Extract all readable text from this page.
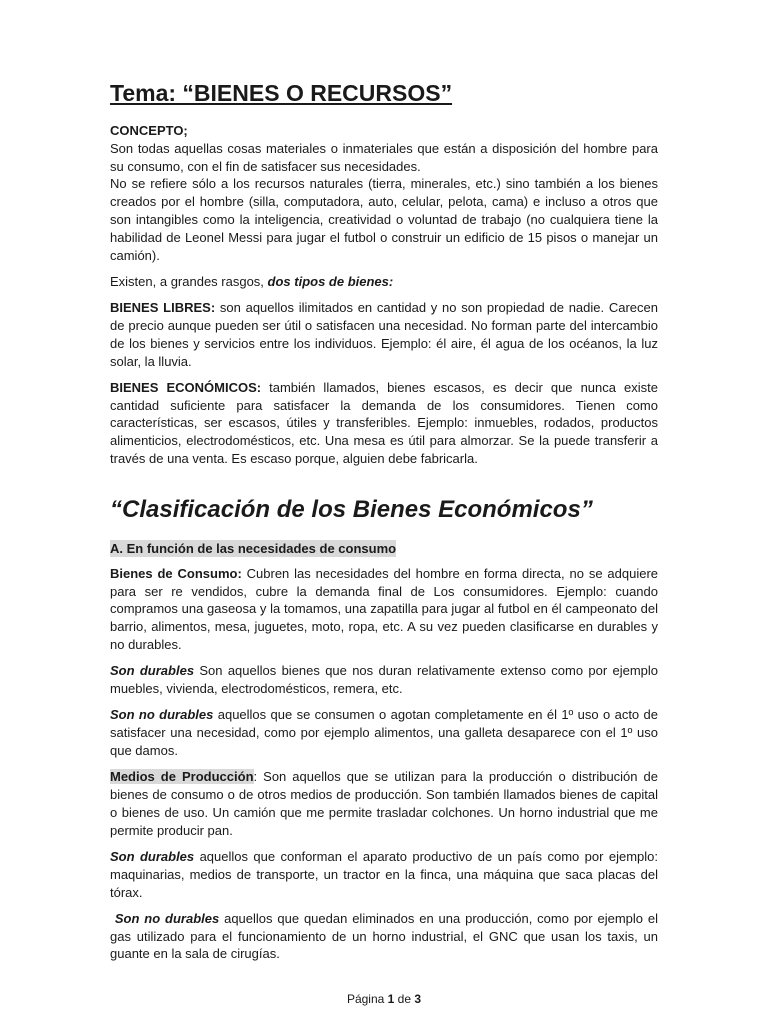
Tema: “BIENES O RECURSOS”

CONCEPTO;

Son todas aquellas cosas materiales o inmateriales que están a disposición del hombre para su consumo, con el fin de satisfacer sus necesidades.

No se refiere sólo a los recursos naturales (tierra, minerales, etc.) sino también a los bienes creados por el hombre (silla, computadora, auto, celular, pelota, cama) e incluso a otros que son intangibles como la inteligencia, creatividad o voluntad de trabajo (no cualquiera tiene la habilidad de Leonel Messi para jugar el futbol o construir un edificio de 15 pisos o manejar un camión).

Existen, a grandes rasgos, dos tipos de bienes:

BIENES LIBRES: son aquellos ilimitados en cantidad y no son propiedad de nadie. Carecen de precio aunque pueden ser útil o satisfacen una necesidad. No forman parte del intercambio de los bienes y servicios entre los individuos. Ejemplo: él aire, él agua de los océanos, la luz solar, la lluvia.

BIENES ECONÓMICOS: también llamados, bienes escasos, es decir que nunca existe cantidad suficiente para satisfacer la demanda de los consumidores. Tienen como características, ser escasos, útiles y transferibles. Ejemplo: inmuebles, rodados, productos alimenticios, electrodomésticos, etc. Una mesa es útil para almorzar. Se la puede transferir a través de una venta. Es escaso porque, alguien debe fabricarla.

“Clasificación de los Bienes Económicos”
A. En función de las necesidades de consumo

Bienes de Consumo: Cubren las necesidades del hombre en forma directa, no se adquiere para ser re vendidos, cubre la demanda final de Los consumidores. Ejemplo: cuando compramos una gaseosa y la tomamos, una zapatilla para jugar al futbol en él campeonato del barrio, alimentos, mesa, juguetes, moto, ropa, etc. A su vez pueden clasificarse en durables y no durables.

Son durables Son aquellos bienes que nos duran relativamente extenso como por ejemplo muebles, vivienda, electrodomésticos, remera, etc.

Son no durables aquellos que se consumen o agotan completamente en él 1º uso o acto de satisfacer una necesidad, como por ejemplo alimentos, una galleta desaparece con el 1º uso que damos.

Medios de Producción: Son aquellos que se utilizan para la producción o distribución de bienes de consumo o de otros medios de producción. Son también llamados bienes de capital o bienes de uso. Un camión que me permite trasladar colchones. Un horno industrial que me permite producir pan.

Son durables aquellos que conforman el aparato productivo de un país como por ejemplo: maquinarias, medios de transporte, un tractor en la finca, una máquina que saca placas del tórax.

Son no durables aquellos que quedan eliminados en una producción, como por ejemplo el gas utilizado para el funcionamiento de un horno industrial, el GNC que usan los taxis, un guante en la sala de cirugías.

Página 1 de 3
